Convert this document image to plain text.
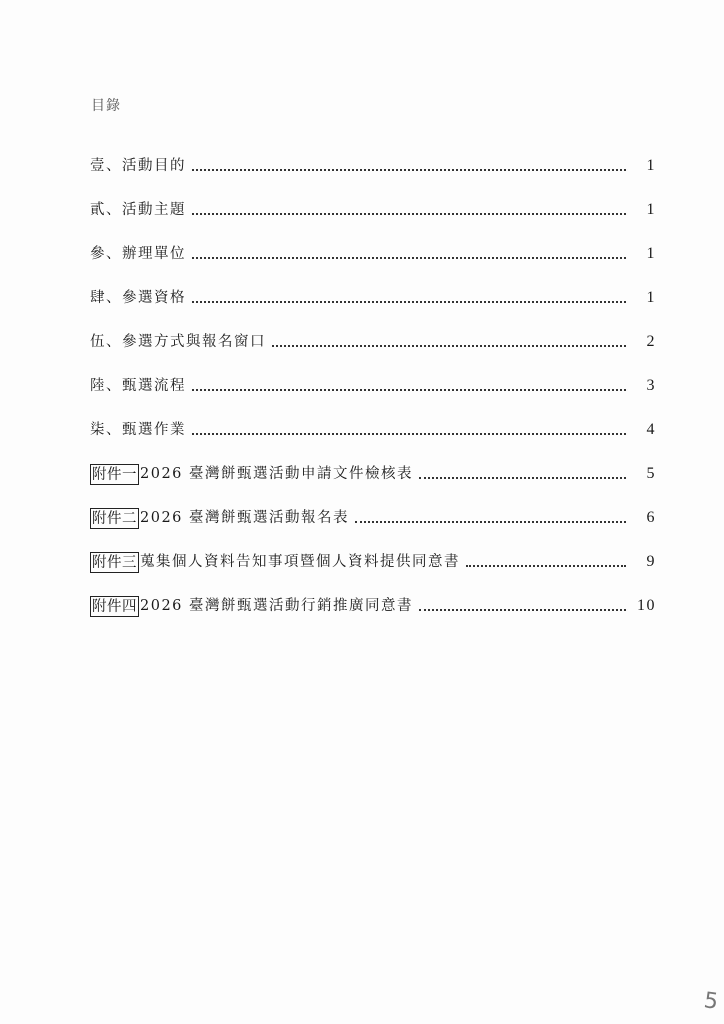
目錄
壹、活動目的	1
貳、活動主題	1
參、辦理單位	1
肆、參選資格	1
伍、參選方式與報名窗口	2
陸、甄選流程	3
柒、甄選作業	4
附件一 2026 臺灣餅甄選活動申請文件檢核表	5
附件二 2026 臺灣餅甄選活動報名表	6
附件三 蒐集個人資料告知事項暨個人資料提供同意書	9
附件四 2026 臺灣餅甄選活動行銷推廣同意書	10
5
